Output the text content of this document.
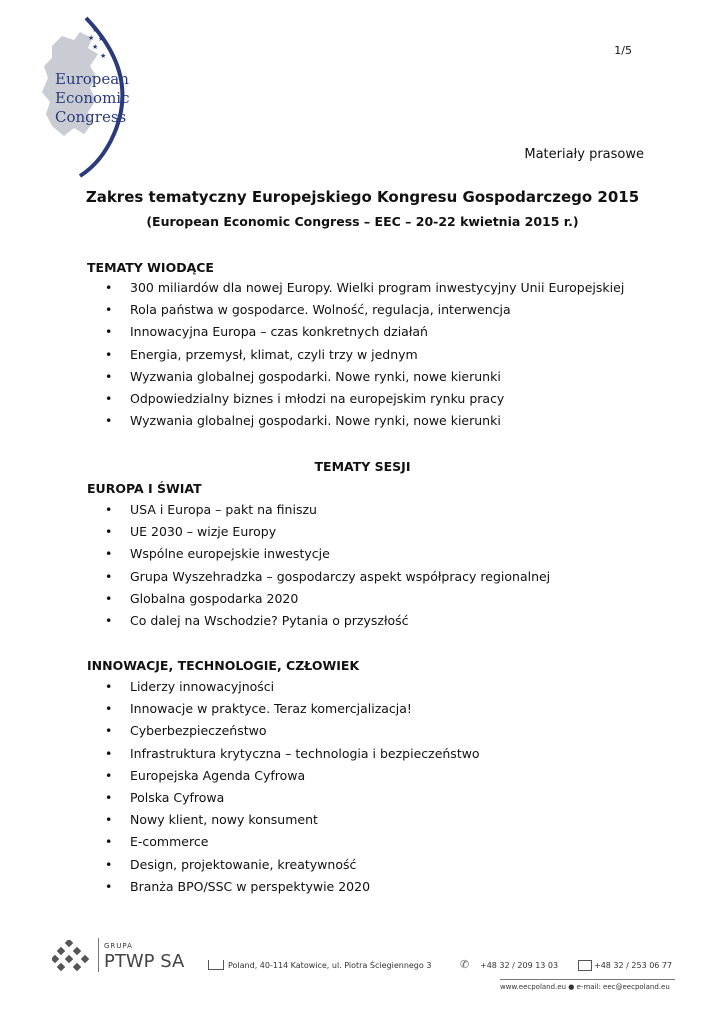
★
★
★
★
★
European
Economic
Congress
1/5
Materiały prasowe
Zakres tematyczny Europejskiego Kongresu Gospodarczego 2015
(European Economic Congress – EEC – 20-22 kwietnia 2015 r.)
TEMATY WIODĄCE
• 300 miliardów dla nowej Europy. Wielki program inwestycyjny Unii Europejskiej
• Rola państwa w gospodarce. Wolność, regulacja, interwencja
• Innowacyjna Europa – czas konkretnych działań
• Energia, przemysł, klimat, czyli trzy w jednym
• Wyzwania globalnej gospodarki. Nowe rynki, nowe kierunki
• Odpowiedzialny biznes i młodzi na europejskim rynku pracy
• Wyzwania globalnej gospodarki. Nowe rynki, nowe kierunki
TEMATY SESJI
EUROPA I ŚWIAT
• USA i Europa – pakt na finiszu
• UE 2030 – wizje Europy
• Wspólne europejskie inwestycje
• Grupa Wyszehradzka – gospodarczy aspekt współpracy regionalnej
• Globalna gospodarka 2020
• Co dalej na Wschodzie? Pytania o przyszłość
INNOWACJE, TECHNOLOGIE, CZŁOWIEK
• Liderzy innowacyjności
• Innowacje w praktyce. Teraz komercjalizacja!
• Cyberbezpieczeństwo
• Infrastruktura krytyczna – technologia i bezpieczeństwo
• Europejska Agenda Cyfrowa
• Polska Cyfrowa
• Nowy klient, nowy konsument
• E-commerce
• Design, projektowanie, kreatywność
• Branża BPO/SSC w perspektywie 2020
GRUPA
PTWP SA	Poland, 40-114 Katowice, ul. Piotra Ściegiennego 3	✆ +48 32 / 209 13 03	+48 32 / 253 06 77
www.eecpoland.eu ● e-mail: eec@eecpoland.eu
